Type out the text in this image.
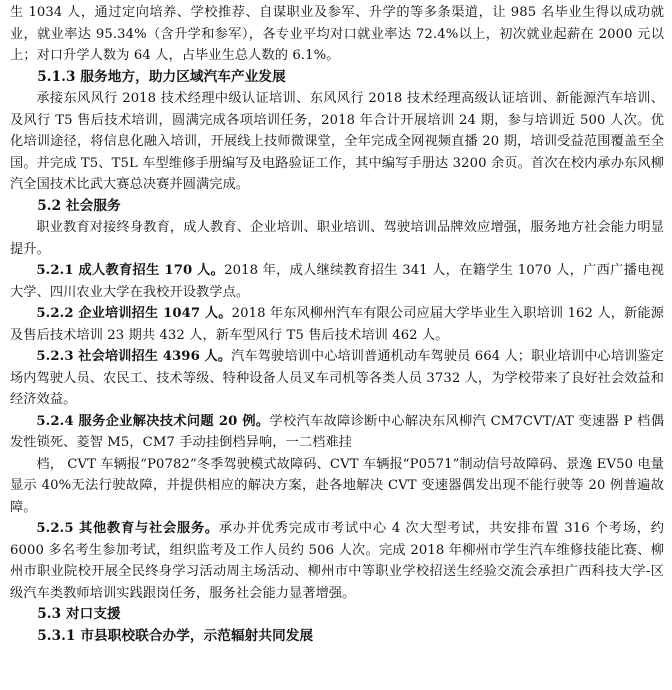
生 1034 人，通过定向培养、学校推荐、自谋职业及参军、升学的等多条渠道，让 985 名毕业生得以成功就业，就业率达 95.34%（含升学和参军），各专业平均对口就业率达 72.4%以上，初次就业起薪在 2000 元以上；对口升学人数为 64 人，占毕业生总人数的 6.1%。

5.1.3 服务地方，助力区域汽车产业发展

承接东风风行 2018 技术经理中级认证培训、东风风行 2018 技术经理高级认证培训、新能源汽车培训、及风行 T5 售后技术培训，圆满完成各项培训任务，2018 年合计开展培训 24 期，参与培训近 500 人次。优化培训途径，将信息化融入培训，开展线上技师微课堂，全年完成全网视频直播 20 期，培训受益范围覆盖至全国。并完成 T5、T5L 车型维修手册编写及电路验证工作，其中编写手册达 3200 余页。首次在校内承办东风柳汽全国技术比武大赛总决赛并圆满完成。

5.2 社会服务

职业教育对接终身教育，成人教育、企业培训、职业培训、驾驶培训品牌效应增强，服务地方社会能力明显提升。

5.2.1 成人教育招生 170 人。2018 年，成人继续教育招生 341 人，在籍学生 1070 人，广西广播电视大学、四川农业大学在我校开设教学点。

5.2.2 企业培训招生 1047 人。2018 年东风柳州汽车有限公司应届大学毕业生入职培训 162 人，新能源及售后技术培训 23 期共 432 人，新车型风行 T5 售后技术培训 462 人。

5.2.3 社会培训招生 4396 人。汽车驾驶培训中心培训普通机动车驾驶员 664 人；职业培训中心培训鉴定场内驾驶人员、农民工、技术等级、特种设备人员叉车司机等各类人员 3732 人，为学校带来了良好社会效益和经济效益。

5.2.4 服务企业解决技术问题 20 例。学校汽车故障诊断中心解决东风柳汽 CM7CVT/AT 变速器 P 档偶发性锁死、菱智 M5，CM7 手动挂倒档异响，一二档难挂

档， CVT 车辆报“P0782”冬季驾驶模式故障码、CVT 车辆报“P0571”制动信号故障码、景逸 EV50 电量显示 40%无法行驶故障，并提供相应的解决方案，赴各地解决 CVT 变速器偶发出现不能行驶等 20 例普遍故障。

5.2.5 其他教育与社会服务。承办并优秀完成市考试中心 4 次大型考试，共安排布置 316 个考场，约 6000 多名考生参加考试，组织监考及工作人员约 506 人次。完成 2018 年柳州市学生汽车维修技能比赛、柳州市职业院校开展全民终身学习活动周主场活动、柳州市中等职业学校招送生经验交流会承担广西科技大学-区级汽车类教师培训实践跟岗任务，服务社会能力显著增强。

5.3 对口支援

5.3.1 市县职校联合办学，示范辐射共同发展
